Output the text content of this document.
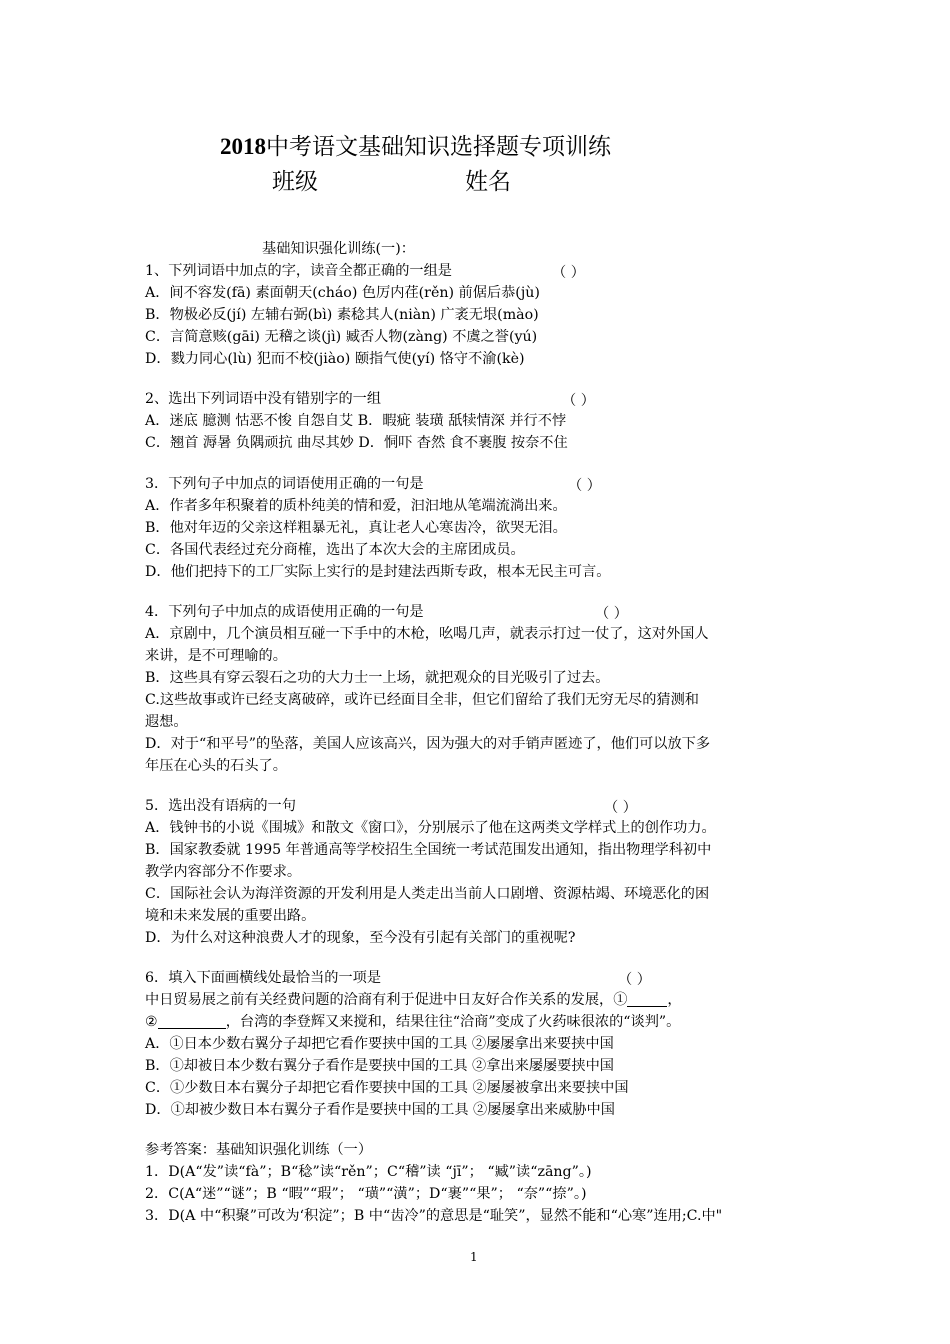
2018中考语文基础知识选择题专项训练
班级	姓名
基础知识强化训练(一)：
1、下列词语中加点的字，读音全都正确的一组是	（ ）
A．间不容发(fā) 素面朝天(cháo) 色厉内荏(rěn) 前倨后恭(jù)
B．物极必反(jí) 左辅右弼(bì) 素稔其人(niàn) 广袤无垠(mào)
C．言简意赅(gāi) 无稽之谈(jì) 臧否人物(zàng) 不虞之誉(yú)
D．戮力同心(lù) 犯而不校(jiào) 颐指气使(yí) 恪守不渝(kè)
2、选出下列词语中没有错别字的一组	（ ）
A．迷底 臆测 怙恶不悛 自怨自艾 B．暇疵 装璜 舐犊情深 并行不悖
C．翘首 溽暑 负隅顽抗 曲尽其妙 D．恫吓 杳然 食不裹腹 按奈不住
3．下列句子中加点的词语使用正确的一句是	（ ）
A．作者多年积聚着的质朴纯美的情和爱，汩汩地从笔端流淌出来。
B．他对年迈的父亲这样粗暴无礼，真让老人心寒齿冷，欲哭无泪。
C．各国代表经过充分商榷，选出了本次大会的主席团成员。
D．他们把持下的工厂实际上实行的是封建法西斯专政，根本无民主可言。
4．下列句子中加点的成语使用正确的一句是	（ ）
A．京剧中，几个演员相互碰一下手中的木枪，吆喝几声，就表示打过一仗了，这对外国人
来讲，是不可理喻的。
B．这些具有穿云裂石之功的大力士一上场，就把观众的目光吸引了过去。
C.这些故事或许已经支离破碎，或许已经面目全非，但它们留给了我们无穷无尽的猜测和
遐想。
D．对于“和平号”的坠落，美国人应该高兴，因为强大的对手销声匿迹了，他们可以放下多
年压在心头的石头了。
5．选出没有语病的一句	（ ）
A．钱钟书的小说《围城》和散文《窗口》，分别展示了他在这两类文学样式上的创作功力。
B．国家教委就 1995 年普通高等学校招生全国统一考试范围发出通知，指出物理学科初中
教学内容部分不作要求。
C．国际社会认为海洋资源的开发利用是人类走出当前人口剧增、资源枯竭、环境恶化的困
境和未来发展的重要出路。
D．为什么对这种浪费人才的现象，至今没有引起有关部门的重视呢?
6．填入下面画横线处最恰当的一项是	（ ）
中日贸易展之前有关经费问题的洽商有利于促进中日友好合作关系的发展，①	，
②	，台湾的李登辉又来搅和，结果往往“洽商”变成了火药味很浓的“谈判”。
A．①日本少数右翼分子却把它看作要挟中国的工具 ②屡屡拿出来要挟中国
B．①却被日本少数右翼分子看作是要挟中国的工具 ②拿出来屡屡要挟中国
C．①少数日本右翼分子却把它看作要挟中国的工具 ②屡屡被拿出来要挟中国
D．①却被少数日本右翼分子看作是要挟中国的工具 ②屡屡拿出来威胁中国
参考答案：基础知识强化训练（一）
1．D(A“发”读“fà”；B“稔”读“rěn”；C“稽”读 “jī”； “臧”读“zāng”。)
2．C(A“迷”“谜”；B “暇”“瑕”； “璜”“潢”；D“裹”“果”； “奈”“捺”。)
3．D(A 中“积聚”可改为‘积淀”；B 中“齿冷”的意思是“耻笑”，显然不能和“心寒”连用;C.中"
1
